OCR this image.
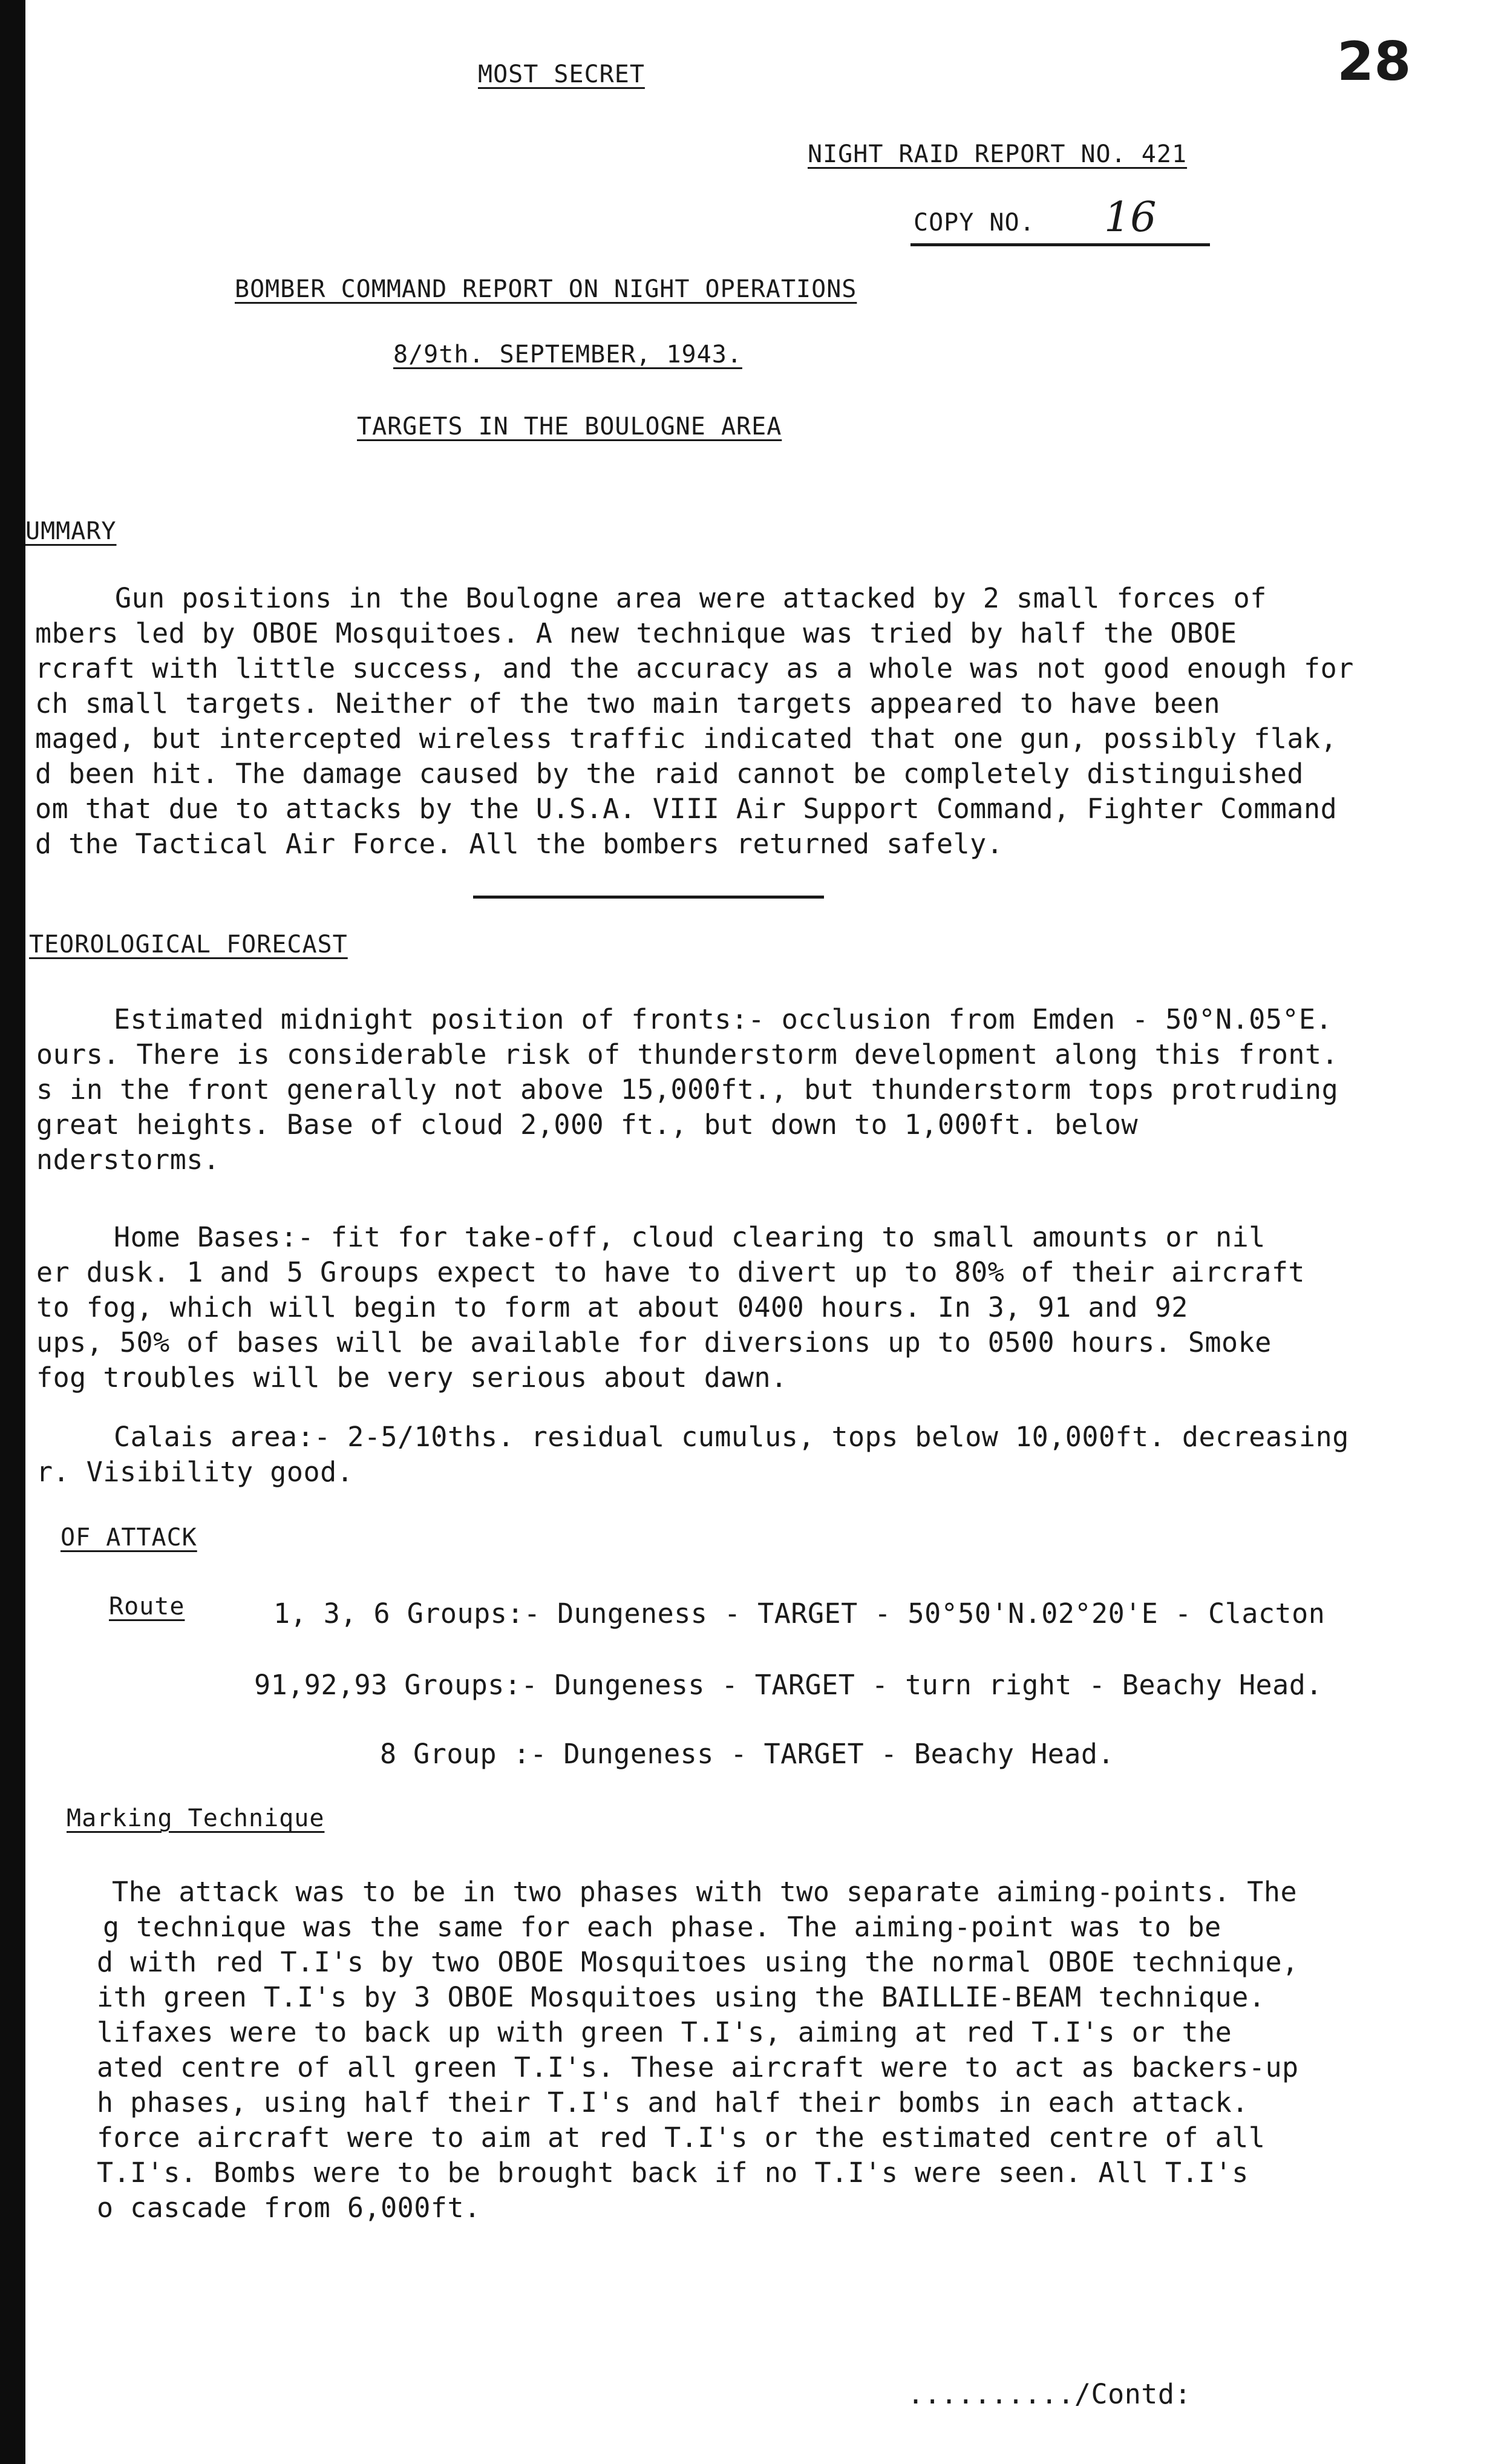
MOST SECRET	28
NIGHT RAID REPORT NO. 421
COPY NO. 16
BOMBER COMMAND REPORT ON NIGHT OPERATIONS
8/9th. SEPTEMBER, 1943.
TARGETS IN THE BOULOGNE AREA
UMMARY
Gun positions in the Boulogne area were attacked by 2 small forces of
mbers led by OBOE Mosquitoes. A new technique was tried by half the OBOE
rcraft with little success, and the accuracy as a whole was not good enough for
ch small targets. Neither of the two main targets appeared to have been
maged, but intercepted wireless traffic indicated that one gun, possibly flak,
d been hit. The damage caused by the raid cannot be completely distinguished
om that due to attacks by the U.S.A. VIII Air Support Command, Fighter Command
d the Tactical Air Force. All the bombers returned safely.
TEOROLOGICAL FORECAST
Estimated midnight position of fronts:- occlusion from Emden - 50°N.05°E.
ours. There is considerable risk of thunderstorm development along this front.
s in the front generally not above 15,000ft., but thunderstorm tops protruding
great heights. Base of cloud 2,000 ft., but down to 1,000ft. below
nderstorms.
Home Bases:- fit for take-off, cloud clearing to small amounts or nil
er dusk. 1 and 5 Groups expect to have to divert up to 80% of their aircraft
to fog, which will begin to form at about 0400 hours. In 3, 91 and 92
ups, 50% of bases will be available for diversions up to 0500 hours. Smoke
fog troubles will be very serious about dawn.
Calais area:- 2-5/10ths. residual cumulus, tops below 10,000ft. decreasing
r. Visibility good.
OF ATTACK
Route	1, 3, 6 Groups:- Dungeness - TARGET - 50°50'N.02°20'E - Clacton
91,92,93 Groups:- Dungeness - TARGET - turn right - Beachy Head.
8 Group :- Dungeness - TARGET - Beachy Head.
Marking Technique
The attack was to be in two phases with two separate aiming-points. The
g technique was the same for each phase. The aiming-point was to be
d with red T.I's by two OBOE Mosquitoes using the normal OBOE technique,
ith green T.I's by 3 OBOE Mosquitoes using the BAILLIE-BEAM technique.
lifaxes were to back up with green T.I's, aiming at red T.I's or the
ated centre of all green T.I's. These aircraft were to act as backers-up
h phases, using half their T.I's and half their bombs in each attack.
force aircraft were to aim at red T.I's or the estimated centre of all
T.I's. Bombs were to be brought back if no T.I's were seen. All T.I's
o cascade from 6,000ft.
........../Contd:
